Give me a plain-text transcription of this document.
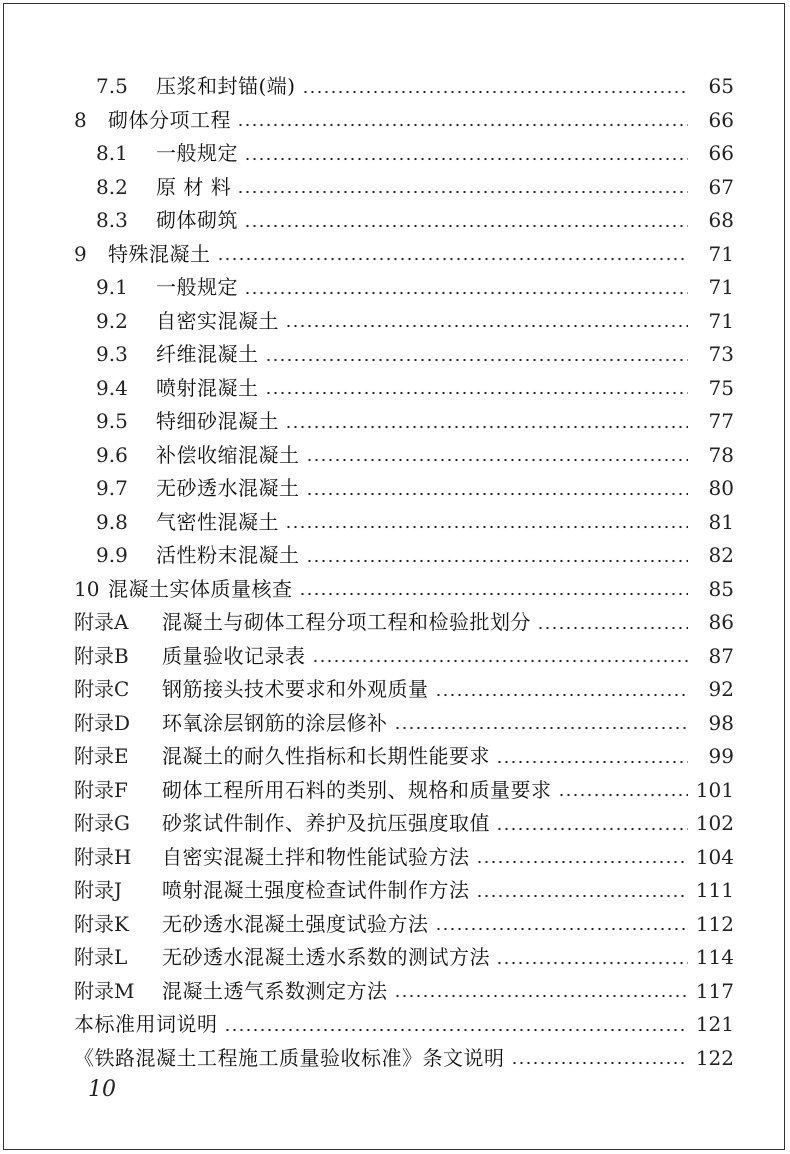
7.5	压浆和封锚(端)	65
8	砌体分项工程	66
8.1	一般规定	66
8.2	原 材 料	67
8.3	砌体砌筑	68
9	特殊混凝土	71
9.1	一般规定	71
9.2	自密实混凝土	71
9.3	纤维混凝土	73
9.4	喷射混凝土	75
9.5	特细砂混凝土	77
9.6	补偿收缩混凝土	78
9.7	无砂透水混凝土	80
9.8	气密性混凝土	81
9.9	活性粉末混凝土	82
10 混凝土实体质量核查	85
附录A	混凝土与砌体工程分项工程和检验批划分	86
附录B	质量验收记录表	87
附录C	钢筋接头技术要求和外观质量	92
附录D	环氧涂层钢筋的涂层修补	98
附录E	混凝土的耐久性指标和长期性能要求	99
附录F	砌体工程所用石料的类别、规格和质量要求	101
附录G	砂浆试件制作、养护及抗压强度取值	102
附录H	自密实混凝土拌和物性能试验方法	104
附录J	喷射混凝土强度检查试件制作方法	111
附录K	无砂透水混凝土强度试验方法	112
附录L	无砂透水混凝土透水系数的测试方法	114
附录M	混凝土透气系数测定方法	117
本标准用词说明	121
《铁路混凝土工程施工质量验收标准》条文说明	122
10
